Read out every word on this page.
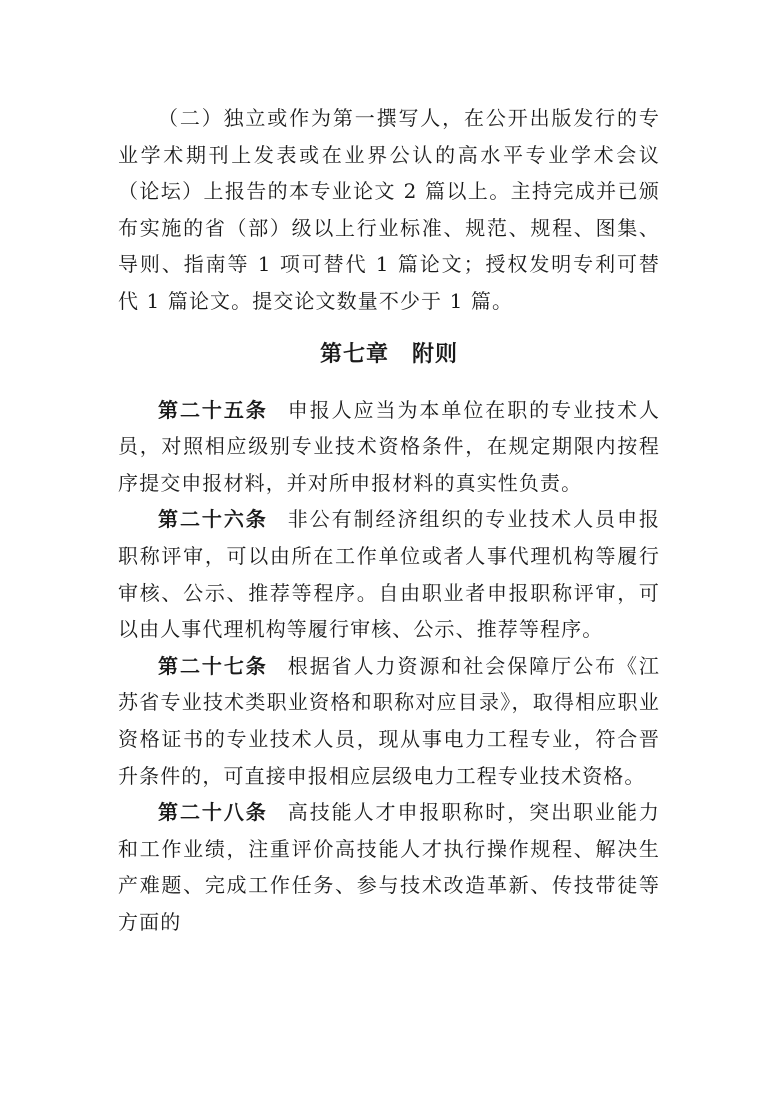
（二）独立或作为第一撰写人，在公开出版发行的专业学术期刊上发表或在业界公认的高水平专业学术会议（论坛）上报告的本专业论文 2 篇以上。主持完成并已颁布实施的省（部）级以上行业标准、规范、规程、图集、导则、指南等 1 项可替代 1 篇论文；授权发明专利可替代 1 篇论文。提交论文数量不少于 1 篇。

第七章　附则

第二十五条 申报人应当为本单位在职的专业技术人员，对照相应级别专业技术资格条件，在规定期限内按程序提交申报材料，并对所申报材料的真实性负责。

第二十六条 非公有制经济组织的专业技术人员申报职称评审，可以由所在工作单位或者人事代理机构等履行审核、公示、推荐等程序。自由职业者申报职称评审，可以由人事代理机构等履行审核、公示、推荐等程序。

第二十七条 根据省人力资源和社会保障厅公布《江苏省专业技术类职业资格和职称对应目录》，取得相应职业资格证书的专业技术人员，现从事电力工程专业，符合晋升条件的，可直接申报相应层级电力工程专业技术资格。

第二十八条 高技能人才申报职称时，突出职业能力和工作业绩，注重评价高技能人才执行操作规程、解决生产难题、完成工作任务、参与技术改造革新、传技带徒等方面的
